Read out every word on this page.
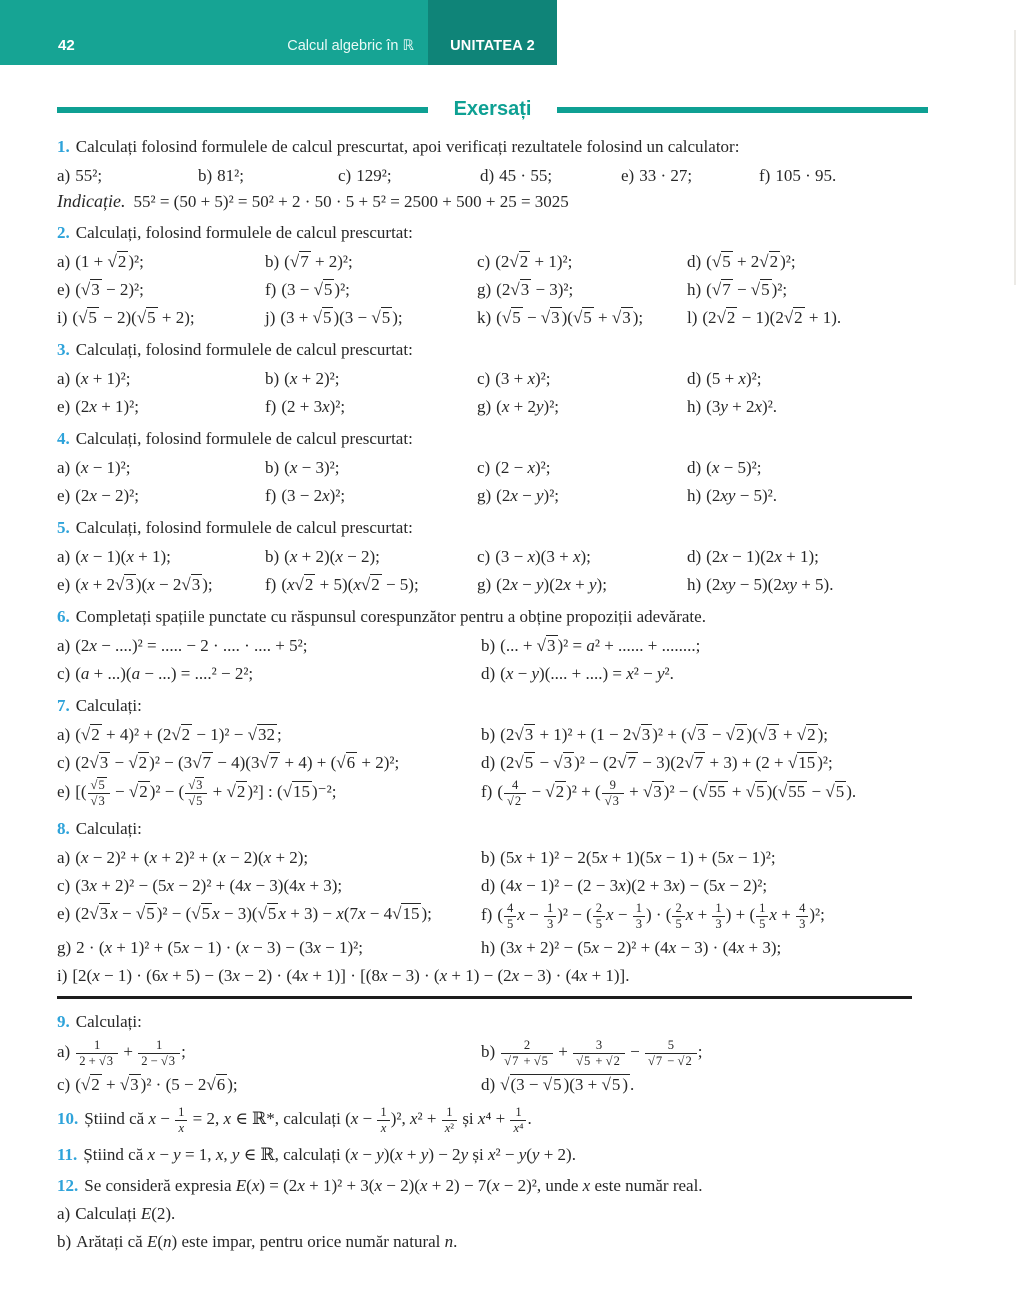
42	Calcul algebric în ℝ UNITATEA 2
Exersați

1. Calculați folosind formulele de calcul prescurtat, apoi verificați rezultatele folosind un calculator:

a) 55²;	b) 81²;	c) 129²;	d) 45 · 55;	e) 33 · 27;	f) 105 · 95.

Indicație. 55² = (50 + 5)² = 50² + 2 · 50 · 5 + 5² = 2500 + 500 + 25 = 3025

2. Calculați, folosind formulele de calcul prescurtat:

a) (1 + √2 )²;	b) (√7 + 2)²;	c) (2√2 + 1)²;	d) (√5 + 2√2 )²;
e) (√3 − 2)²;	f) (3 − √5 )²;	g) (2√3 − 3)²;	h) (√7 − √5 )²;
i) (√5 − 2)(√5 + 2);	j) (3 + √5 )(3 − √5 );	k) (√5 − √3 )(√5 + √3 );	l) (2√2 − 1)(2√2 + 1).

3. Calculați, folosind formulele de calcul prescurtat:

a) (x + 1)²;	b) (x + 2)²;	c) (3 + x)²;	d) (5 + x)²;
e) (2x + 1)²;	f) (2 + 3x)²;	g) (x + 2y)²;	h) (3y + 2x)².

4. Calculați, folosind formulele de calcul prescurtat:

a) (x − 1)²;	b) (x − 3)²;	c) (2 − x)²;	d) (x − 5)²;
e) (2x − 2)²;	f) (3 − 2x)²;	g) (2x − y)²;	h) (2xy − 5)².

5. Calculați, folosind formulele de calcul prescurtat:

a) (x − 1)(x + 1);	b) (x + 2)(x − 2);	c) (3 − x)(3 + x);	d) (2x − 1)(2x + 1);
e) (x + 2√3 )(x − 2√3 );	f) (x√2 + 5)(x√2 − 5);	g) (2x − y)(2x + y);	h) (2xy − 5)(2xy + 5).

6. Completați spațiile punctate cu răspunsul corespunzător pentru a obține propoziții adevărate.

a) (2x − ....)² = ..... − 2 · .... · .... + 5²;	b) (... + √3 )² = a² + ...... + ........;
c) (a + ...)(a − ...) = ....² − 2²;	d) (x − y)(.... + ....) = x² − y².

7. Calculați:

a) (√2 + 4)² + (2√2 − 1)² − √32 ;	b) (2√3 + 1)² + (1 − 2√3 )² + (√3 − √2 )(√3 + √2 );
c) (2√3 − √2 )² − (3√7 − 4)(3√7 + 4) + (√6 + 2)²;	d) (2√5 − √3 )² − (2√7 − 3)(2√7 + 3) + (2 + √15 )²;
e) [( $\frac{√5}{√3} - √2$ )² − ( $\frac{√3}{√5} + √2$ )²] : (√15 )⁻²;	f) ( $\frac{4}{√2} - √2$ )² + ( $\frac{9}{√3} + √3$ )² − (√55 + √5 )(√55 − √5 ).

8. Calculați:

a) (x − 2)² + (x + 2)² + (x − 2)(x + 2);	b) (5x + 1)² − 2(5x + 1)(5x − 1) + (5x − 1)²;
c) (3x + 2)² − (5x − 2)² + (4x − 3)(4x + 3);	d) (4x − 1)² − (2 − 3x)(2 + 3x) − (5x − 2)²;
e) (2√3 x − √5 )² − (√5 x − 3)(√5 x + 3) − x(7x − 4√15 );	f) ( $\frac{4}{5}$ $x - \frac{1}{3} )^2$ − ( $\frac{2}{5}$ $x - \frac{1}{3}$ ) · ( $\frac{2}{5}$ $x + \frac{1}{3}$ ) + ( $\frac{1}{5}$ $x + \frac{4}{3} )^2$;
g) 2 · (x + 1)² + (5x − 1) · (x − 3) − (3x − 1)²;	h) (3x + 2)² − (5x − 2)² + (4x − 3) · (4x + 3);
i) [2(x − 1) · (6x + 5) − (3x − 2) · (4x + 1)] · [(8x − 3) · (x + 1) − (2x − 3) · (4x + 1)].

9. Calculați:

$a) \frac{1}{2 + √3} + \frac{1}{2 - √3}$ ;	$b) \frac{2}{√7 + √5} + \frac{3}{√5 + √2} - \frac{5}{√7 - √2}$ ;
c) (√2 + √3 )² · (5 − 2√6 );	d) √(3 − √5 )(3 + √5 ) .

10. Știind că $x - \frac{1}{x} = 2$, x ∈ ℝ*, calculați $(x - \frac{1}{x} )^2$, $x^2 + \frac{1}{\text{x²}}$ și $x^4 + \frac{1}{\text{x⁴}}$ .

11. Știind că x − y = 1, x, y ∈ ℝ, calculați (x − y)(x + y) − 2y și x² − y(y + 2).

12. Se consideră expresia E(x) = (2x + 1)² + 3(x − 2)(x + 2) − 7(x − 2)², unde x este număr real.

a) Calculați E(2).
b) Arătați că E(n) este impar, pentru orice număr natural n.
